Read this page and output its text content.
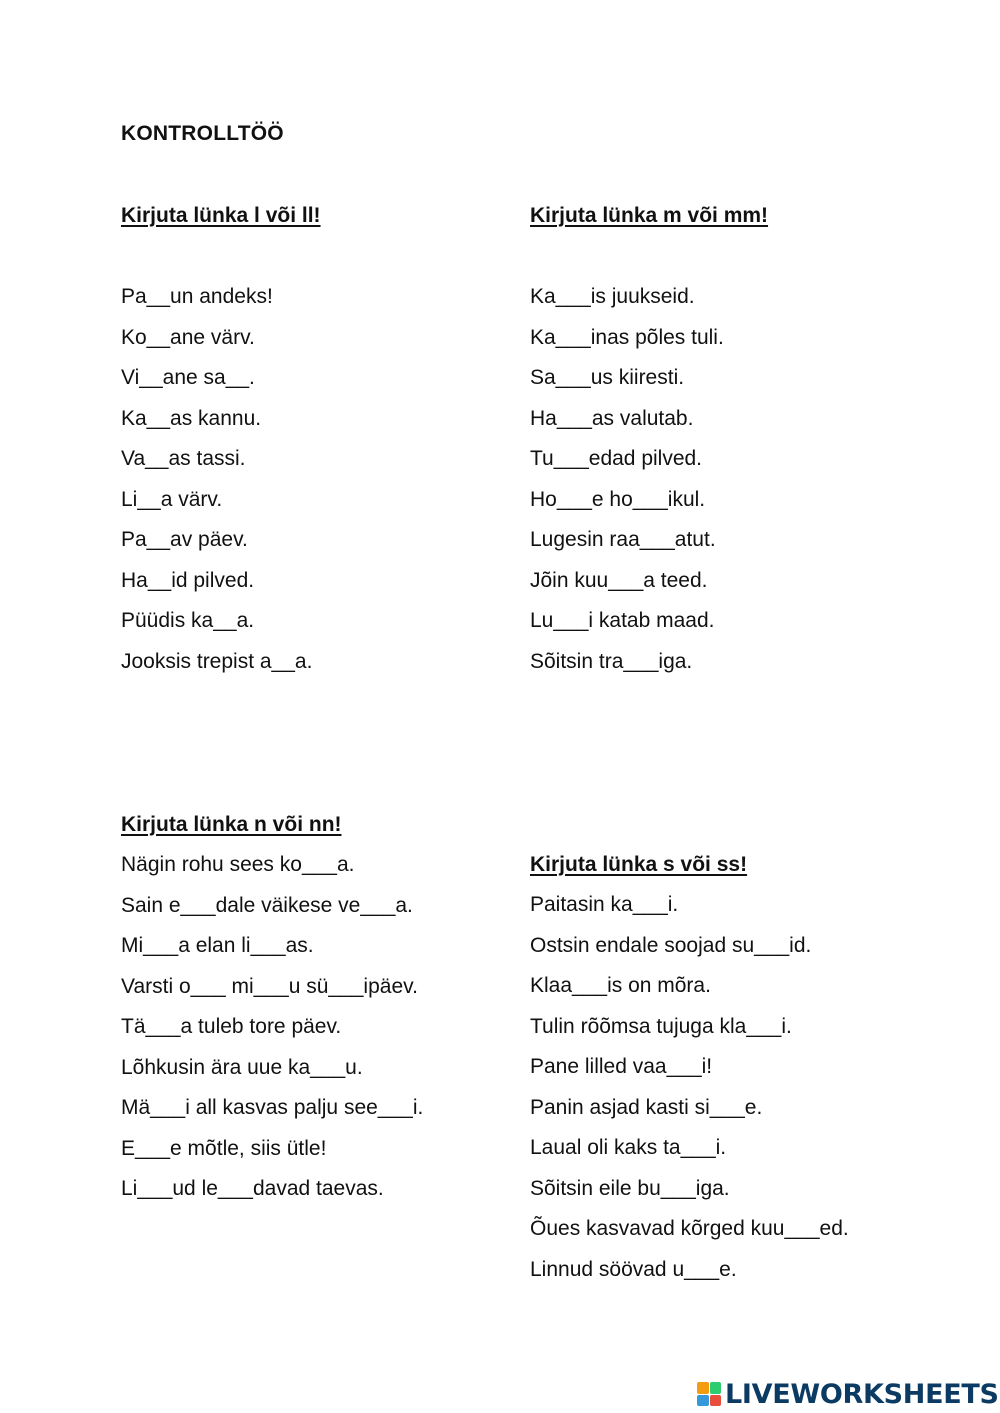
KONTROLLTÖÖ
Kirjuta lünka l või ll!
Pa__un andeks!
Ko__ane värv.
Vi__ane sa__.
Ka__as kannu.
Va__as tassi.
Li__a värv.
Pa__av päev.
Ha__id pilved.
Püüdis ka__a.
Jooksis trepist a__a.
Kirjuta lünka m või mm!
Ka___is juukseid.
Ka___inas põles tuli.
Sa___us kiiresti.
Ha___as valutab.
Tu___edad pilved.
Ho___e ho___ikul.
Lugesin raa___atut.
Jõin kuu___a teed.
Lu___i katab maad.
Sõitsin tra___iga.
Kirjuta lünka n või nn!
Nägin rohu sees ko___a.
Sain e___dale väikese ve___a.
Mi___a elan li___as.
Varsti o___ mi___u sü___ipäev.
Tä___a tuleb tore päev.
Lõhkusin ära uue ka___u.
Mä___i all kasvas palju see___i.
E___e mõtle, siis ütle!
Li___ud le___davad taevas.
Kirjuta lünka s või ss!
Paitasin ka___i.
Ostsin endale soojad su___id.
Klaa___is on mõra.
Tulin rõõmsa tujuga kla___i.
Pane lilled vaa___i!
Panin asjad kasti si___e.
Laual oli kaks ta___i.
Sõitsin eile bu___iga.
Õues kasvavad kõrged kuu___ed.
Linnud söövad u___e.
LIVEWORKSHEETS
